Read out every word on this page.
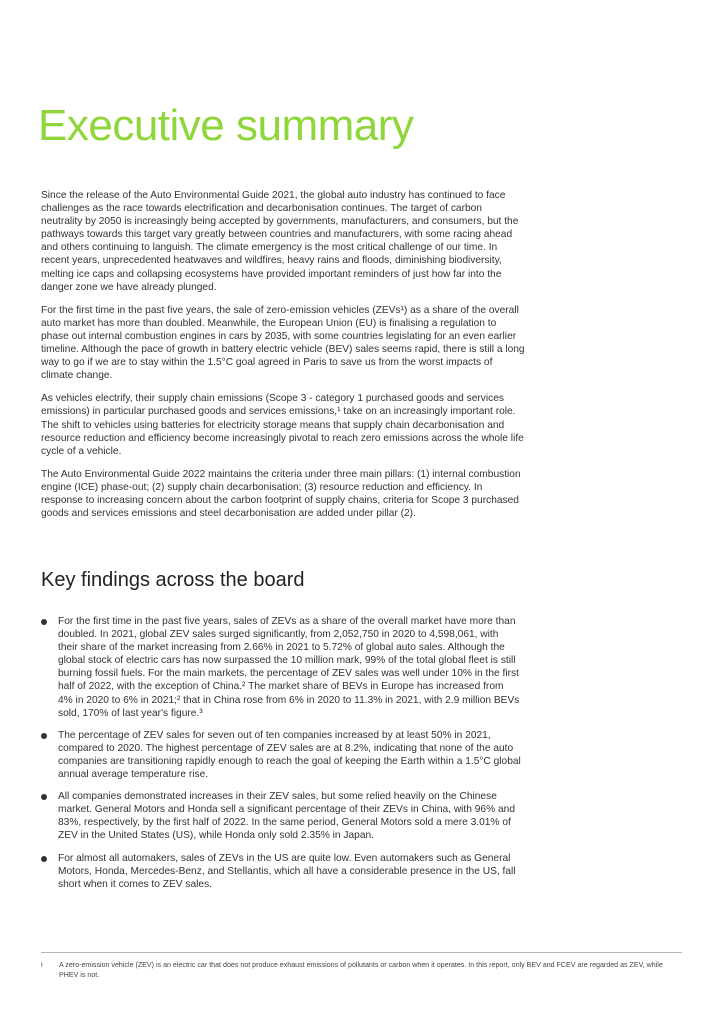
Executive summary

Since the release of the Auto Environmental Guide 2021, the global auto industry has continued to face challenges as the race towards electrification and decarbonisation continues. The target of carbon neutrality by 2050 is increasingly being accepted by governments, manufacturers, and consumers, but the pathways towards this target vary greatly between countries and manufacturers, with some racing ahead and others continuing to languish. The climate emergency is the most critical challenge of our time. In recent years, unprecedented heatwaves and wildfires, heavy rains and floods, diminishing biodiversity, melting ice caps and collapsing ecosystems have provided important reminders of just how far into the danger zone we have already plunged.

For the first time in the past five years, the sale of zero-emission vehicles (ZEVs¹) as a share of the overall auto market has more than doubled. Meanwhile, the European Union (EU) is finalising a regulation to phase out internal combustion engines in cars by 2035, with some countries legislating for an even earlier timeline. Although the pace of growth in battery electric vehicle (BEV) sales seems rapid, there is still a long way to go if we are to stay within the 1.5°C goal agreed in Paris to save us from the worst impacts of climate change.

As vehicles electrify, their supply chain emissions (Scope 3 - category 1 purchased goods and services emissions) in particular purchased goods and services emissions,¹ take on an increasingly important role. The shift to vehicles using batteries for electricity storage means that supply chain decarbonisation and resource reduction and efficiency become increasingly pivotal to reach zero emissions across the whole life cycle of a vehicle.

The Auto Environmental Guide 2022 maintains the criteria under three main pillars: (1) internal combustion engine (ICE) phase-out; (2) supply chain decarbonisation; (3) resource reduction and efficiency. In response to increasing concern about the carbon footprint of supply chains, criteria for Scope 3 purchased goods and services emissions and steel decarbonisation are added under pillar (2).

Key findings across the board
For the first time in the past five years, sales of ZEVs as a share of the overall market have more than doubled. In 2021, global ZEV sales surged significantly, from 2,052,750 in 2020 to 4,598,061, with their share of the market increasing from 2.66% in 2021 to 5.72% of global auto sales. Although the global stock of electric cars has now surpassed the 10 million mark, 99% of the total global fleet is still burning fossil fuels. For the main markets, the percentage of ZEV sales was well under 10% in the first half of 2022, with the exception of China.² The market share of BEVs in Europe has increased from 4% in 2020 to 6% in 2021;² that in China rose from 6% in 2020 to 11.3% in 2021, with 2.9 million BEVs sold, 170% of last year's figure.³
The percentage of ZEV sales for seven out of ten companies increased by at least 50% in 2021, compared to 2020. The highest percentage of ZEV sales are at 8.2%, indicating that none of the auto companies are transitioning rapidly enough to reach the goal of keeping the Earth within a 1.5°C global annual average temperature rise.
All companies demonstrated increases in their ZEV sales, but some relied heavily on the Chinese market. General Motors and Honda sell a significant percentage of their ZEVs in China, with 96% and 83%, respectively, by the first half of 2022. In the same period, General Motors sold a mere 3.01% of ZEV in the United States (US), while Honda only sold 2.35% in Japan.
For almost all automakers, sales of ZEVs in the US are quite low. Even automakers such as General Motors, Honda, Mercedes-Benz, and Stellantis, which all have a considerable presence in the US, fall short when it comes to ZEV sales.
i	A zero-emission vehicle (ZEV) is an electric car that does not produce exhaust emissions of pollutants or carbon when it operates. In this report, only BEV and FCEV are regarded as ZEV, while PHEV is not.
